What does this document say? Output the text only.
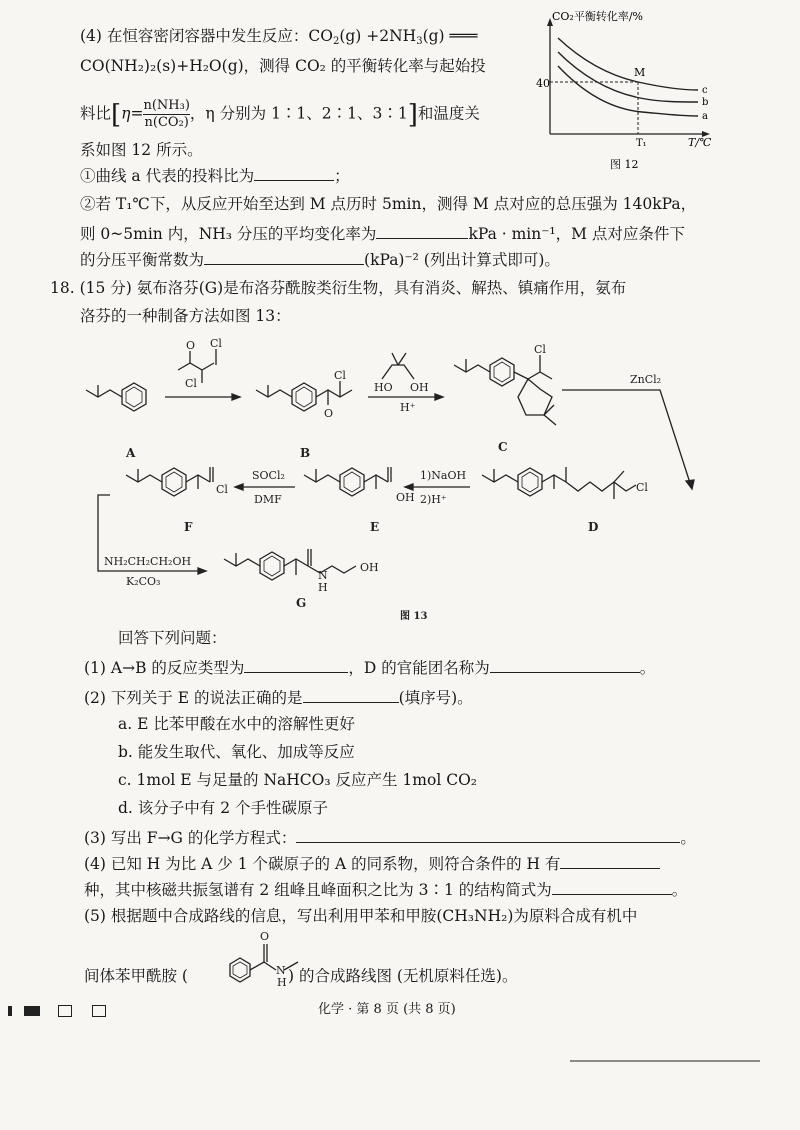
(4) 在恒容密闭容器中发生反应：CO2(g) +2NH3(g) ═══
CO(NH₂)₂(s)+H₂O(g)，测得 CO₂ 的平衡转化率与起始投
料比[$\eta= \frac{\text{n(NH₃)}}{\text{n(CO₂)}}$ ，η 分别为 1∶1、2∶1、3∶1]和温度关
系如图 12 所示。
①曲线 a 代表的投料比为	；
②若 T₁℃下，从反应开始至达到 M 点历时 5min，测得 M 点对应的总压强为 140kPa，
则 0~5min 内，NH₃ 分压的平均变化率为	kPa · min⁻¹，M 点对应条件下
的分压平衡常数为	(kPa)⁻² (列出计算式即可)。
CO₂平衡转化率/%
40
T₁	T/℃
M
c
b
a
图 12
18. (15 分) 氨布洛芬(G)是布洛芬酰胺类衍生物，具有消炎、解热、镇痛作用，氨布
洛芬的一种制备方法如图 13：
Cl
Cl
O
Cl
O
HO OH
H⁺
Cl
ZnCl₂
Cl
1)NaOH
2)H⁺
OH
SOCl₂
DMF
Cl
NH₂CH₂CH₂OH
K₂CO₃	N
H
OH
A	B	C
D
E
F
G
图 13
回答下列问题：
(1) A→B 的反应类型为	，D 的官能团名称为	。
(2) 下列关于 E 的说法正确的是	(填序号)。
a. E 比苯甲酸在水中的溶解性更好
b. 能发生取代、氧化、加成等反应
c. 1mol E 与足量的 NaHCO₃ 反应产生 1mol CO₂
d. 该分子中有 2 个手性碳原子
(3) 写出 F→G 的化学方程式：	。
(4) 已知 H 为比 A 少 1 个碳原子的 A 的同系物，则符合条件的 H 有
种，其中核磁共振氢谱有 2 组峰且峰面积之比为 3∶1 的结构简式为	。
(5) 根据题中合成路线的信息，写出利用甲苯和甲胺(CH₃NH₂)为原料合成有机中
间体苯甲酰胺 (	) 的合成路线图 (无机原料任选)。
O
N
H
化学 · 第 8 页 (共 8 页)
